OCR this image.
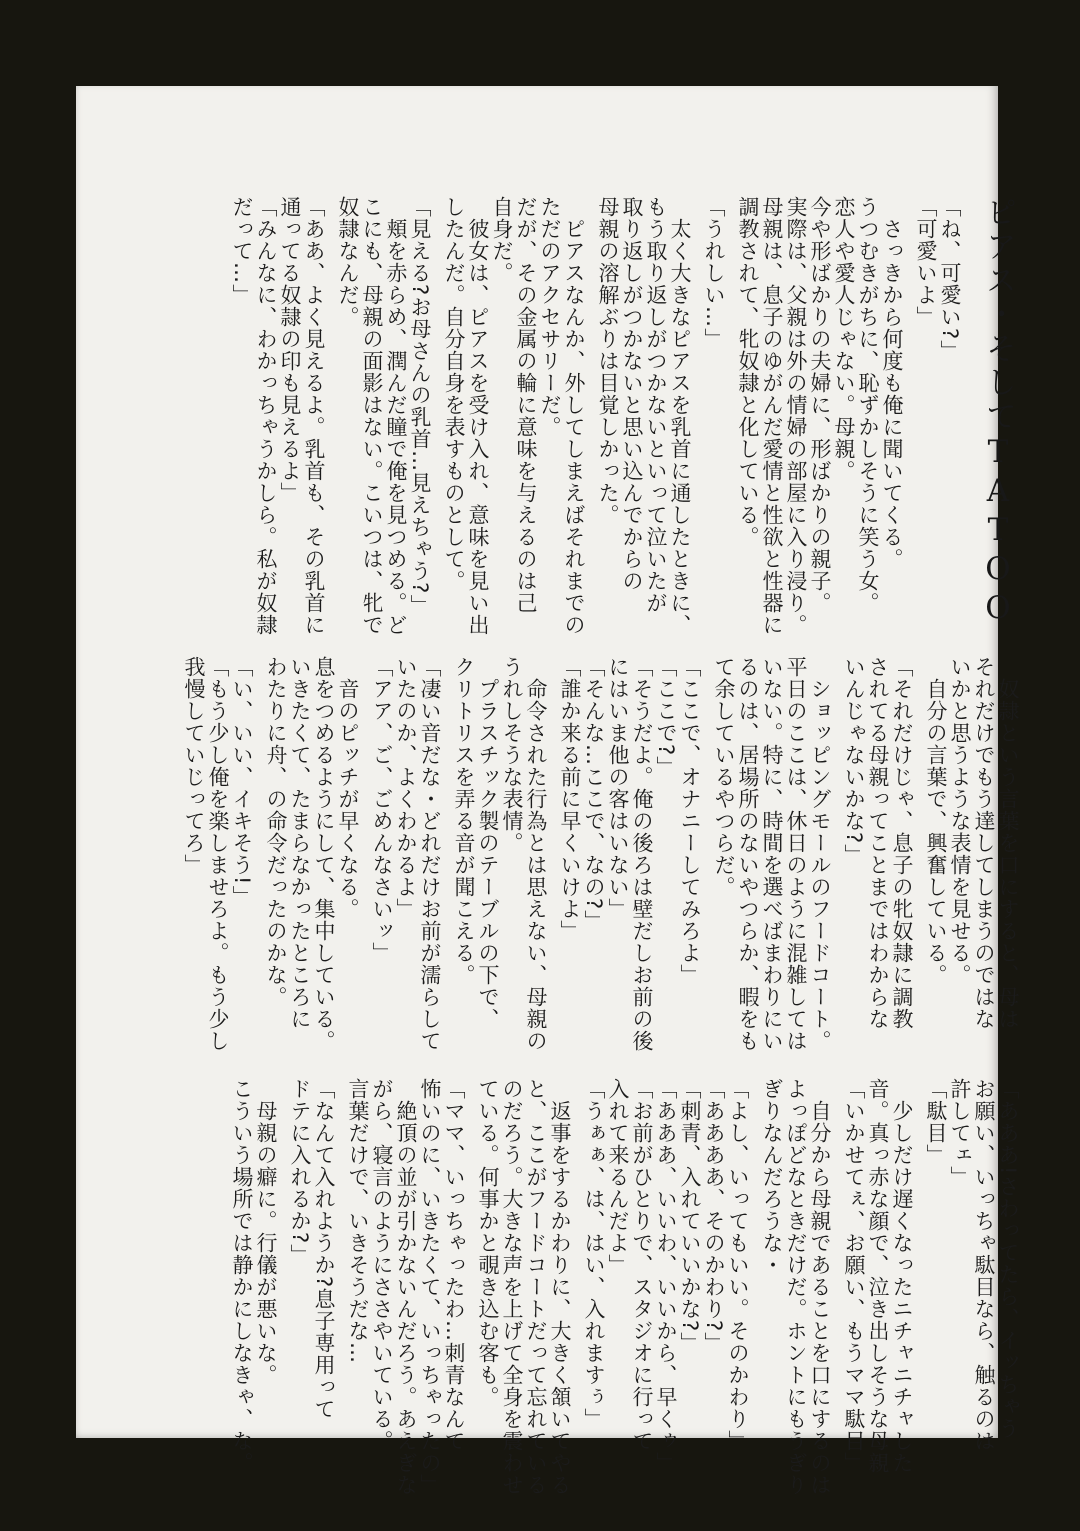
ピアス・そしてTATOO
「ね、可愛い?」
「可愛いよ」
さっきから何度も俺に聞いてくる。
うつむきがちに、恥ずかしそうに笑う女。
恋人や愛人じゃない。母親。
今や形ばかりの夫婦に、形ばかりの親子。
実際は、父親は外の情婦の部屋に入り浸り。
母親は、息子のゆがんだ愛情と性欲と性器に
調教されて、牝奴隷と化している。
「うれしい…」
太く大きなピアスを乳首に通したときに、
もう取り返しがつかないといって泣いたが
取り返しがつかないと思い込んでからの
母親の溶解ぶりは目覚しかった。
ピアスなんか、外してしまえばそれまでの
ただのアクセサリーだ。
だが、その金属の輪に意味を与えるのは己
自身だ。
彼女は、ピアスを受け入れ、意味を見い出
したんだ。自分自身を表すものとして。
「見える?お母さんの乳首…見えちゃう?」
頬を赤らめ、潤んだ瞳で俺を見つめる。ど
こにも、母親の面影はない。こいつは、牝で
奴隷なんだ。
「ああ、よく見えるよ。乳首も、その乳首に
通ってる奴隷の印も見えるよ」
「みんなに、わかっちゃうかしら。私が奴隷
だって…」
奴隷という言葉を口にすると、母は
それだけでもう達してしまうのではな
いかと思うような表情を見せる。
自分の言葉で、興奮している。
「それだけじゃ、息子の牝奴隷に調教
されてる母親ってことまではわからな
いんじゃないかな?」
ショッピングモールのフードコート。
平日のここは、休日のように混雑しては
いない。特に、時間を選べばまわりにい
るのは、居場所のないやつらか、暇をも
て余しているやつらだ。
「ここで、オナニーしてみろよ」
「ここで?」
「そうだよ。俺の後ろは壁だしお前の後
にはいま他の客はいない」
「そんな…ここで、なの?」
「誰か来る前に早くいけよ」
命令された行為とは思えない、母親の
うれしそうな表情。
プラスチック製のテーブルの下で、
クリトリスを弄る音が聞こえる。
「凄い音だな・どれだけお前が濡らして
いたのか、よくわかるよ」
「アア、ご、ごめんなさいッ」
音のピッチが早くなる。
息をつめるようにして、集中している。
いきたくて、たまらなかったところに
わたりに舟、の命令だったのかな。
「い、いい、イキそう!」
「もう少し俺を楽しませろよ。もう少し
我慢していじってろ」
「あああ!さわってたら、イッちゃう
お願い、いっちゃ駄目なら、触るのは
許してェ」
「駄目」
少しだけ遅くなったニチャニチャした
音。真っ赤な顔で、泣き出しそうな母親
「いかせてぇ、お願い、もうママ駄目」
自分から母親であることを口にするのは
よっぽどなときだけだ。ホントにもうぎり
ぎりなんだろうな・
「よし、いってもいい。そのかわり」
「ああああ、そのかわり?」
「刺青、入れていいかな?」
「あああ、いいわ、いいから、早くゥ」
「お前がひとりで、スタジオに行って
入れて来るんだよ」
「うぁぁ、は、はい、入れますぅ」
返事をするかわりに、大きく頷いてやる
と、ここがフードコートだって忘れている
のだろう。大きな声を上げて全身を震わせ
ている。何事かと覗き込む客も。
「ママ、いっちゃったわ…刺青なんて
怖いのに、いきたくて、いっちゃったの」
絶頂の並が引かないんだろう。あえぎな
がら、寝言のようにささやいている。
言葉だけで、いきそうだな…
「なんて入れようか?息子専用って
ドテに入れるか?」
母親の癖に。行儀が悪いな。
こういう場所では静かにしなきゃ、な。
